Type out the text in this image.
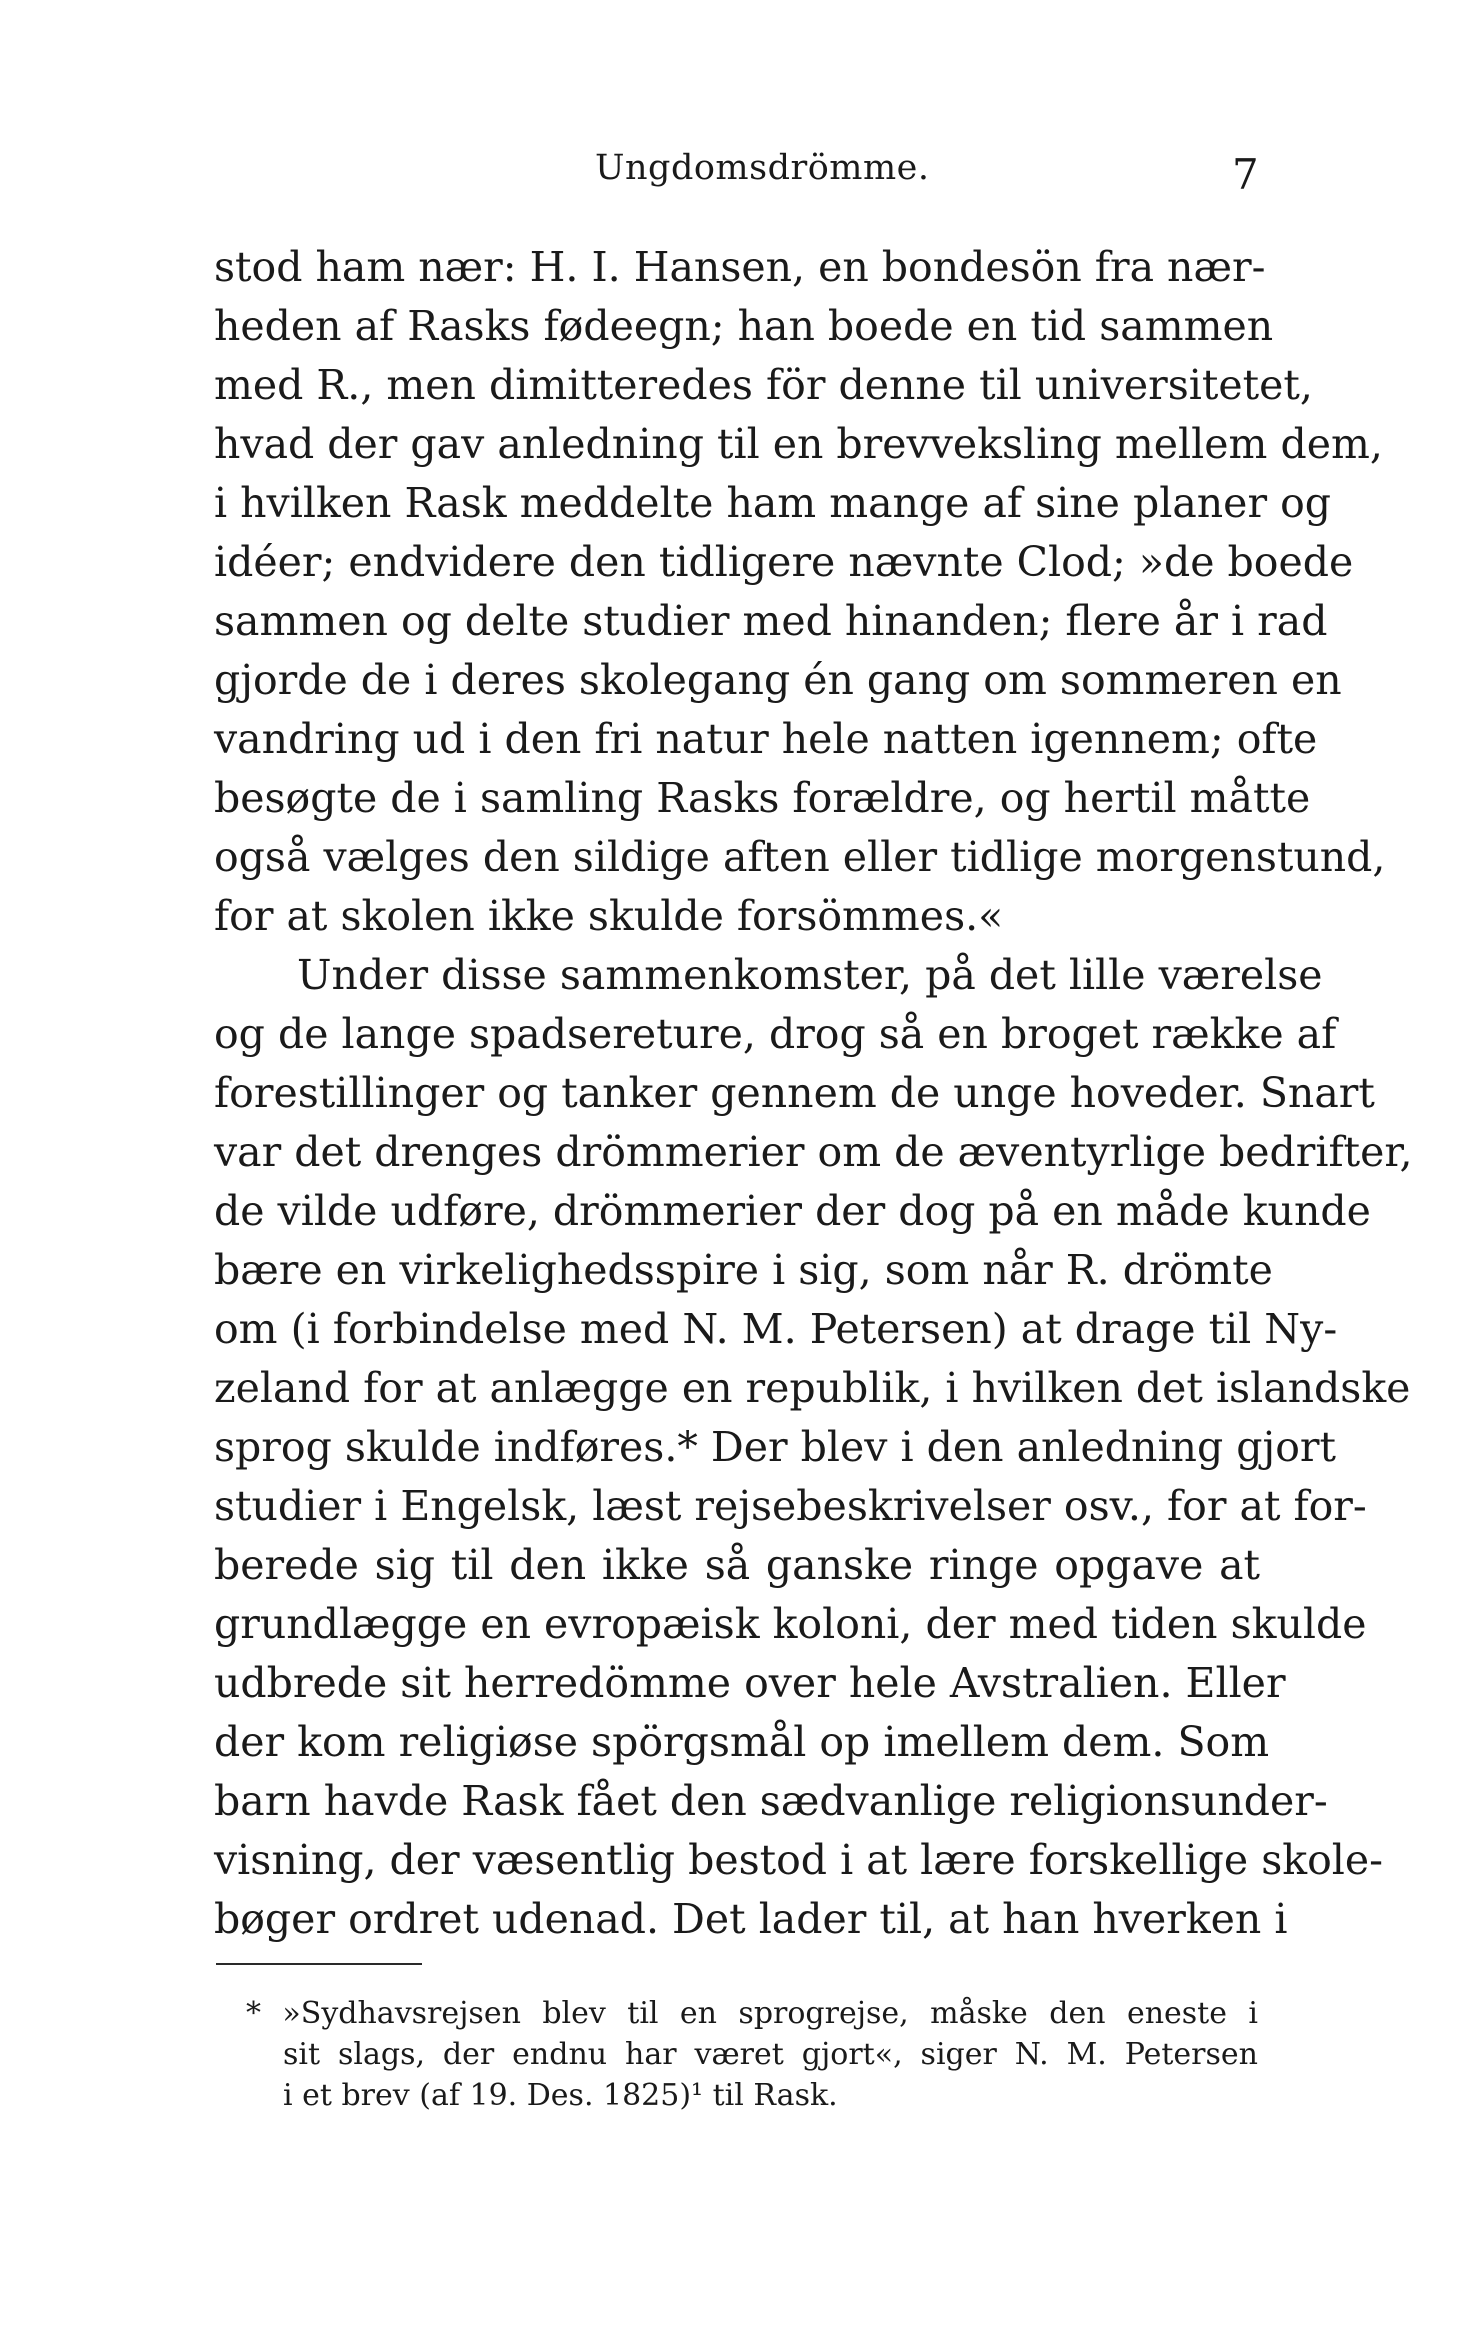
Ungdomsdrömme.	7
stod ham nær: H. I. Hansen, en bondesön fra nær-
heden af Rasks fødeegn; han boede en tid sammen
med R., men dimitteredes för denne til universitetet,
hvad der gav anledning til en brevveksling mellem dem,
i hvilken Rask meddelte ham mange af sine planer og
idéer; endvidere den tidligere nævnte Clod; »de boede
sammen og delte studier med hinanden; flere år i rad
gjorde de i deres skolegang én gang om sommeren en
vandring ud i den fri natur hele natten igennem; ofte
besøgte de i samling Rasks forældre, og hertil måtte
også vælges den sildige aften eller tidlige morgenstund,
for at skolen ikke skulde forsömmes.«
Under disse sammenkomster, på det lille værelse
og de lange spadsereture, drog så en broget række af
forestillinger og tanker gennem de unge hoveder. Snart
var det drenges drömmerier om de æventyrlige bedrifter,
de vilde udføre, drömmerier der dog på en måde kunde
bære en virkelighedsspire i sig, som når R. drömte
om (i forbindelse med N. M. Petersen) at drage til Ny-
zeland for at anlægge en republik, i hvilken det islandske
sprog skulde indføres.* Der blev i den anledning gjort
studier i Engelsk, læst rejsebeskrivelser osv., for at for-
berede sig til den ikke så ganske ringe opgave at
grundlægge en evropæisk koloni, der med tiden skulde
udbrede sit herredömme over hele Avstralien. Eller
der kom religiøse spörgsmål op imellem dem. Som
barn havde Rask fået den sædvanlige religionsunder-
visning, der væsentlig bestod i at lære forskellige skole-
bøger ordret udenad. Det lader til, at han hverken i
* »Sydhavsrejsen blev til en sprogrejse, måske den eneste i
sit slags, der endnu har været gjort«, siger N. M. Petersen
i et brev (af 19. Des. 1825)¹ til Rask.
